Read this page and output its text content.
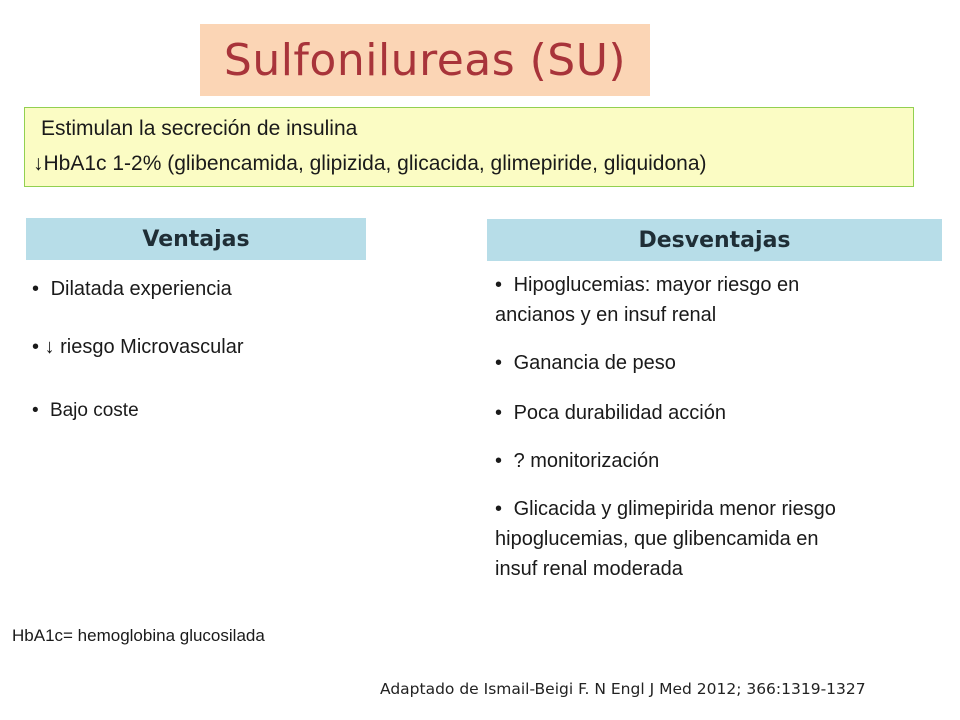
Sulfonilureas (SU)
Estimulan la secreción de insulina
↓ HbA1c 1-2% (glibencamida, glipizida, glicacida, glimepiride, gliquidona)
Ventajas	Desventajas
• Dilatada experiencia
• ↓ riesgo Microvascular
• Bajo coste
• Hipoglucemias: mayor riesgo en
ancianos y en insuf renal
• Ganancia de peso
• Poca durabilidad acción
• ? monitorización
• Glicacida y glimepirida menor riesgo
hipoglucemias, que glibencamida en
insuf renal moderada
HbA1c= hemoglobina glucosilada
Adaptado de Ismail-Beigi F. N Engl J Med 2012; 366:1319-1327
